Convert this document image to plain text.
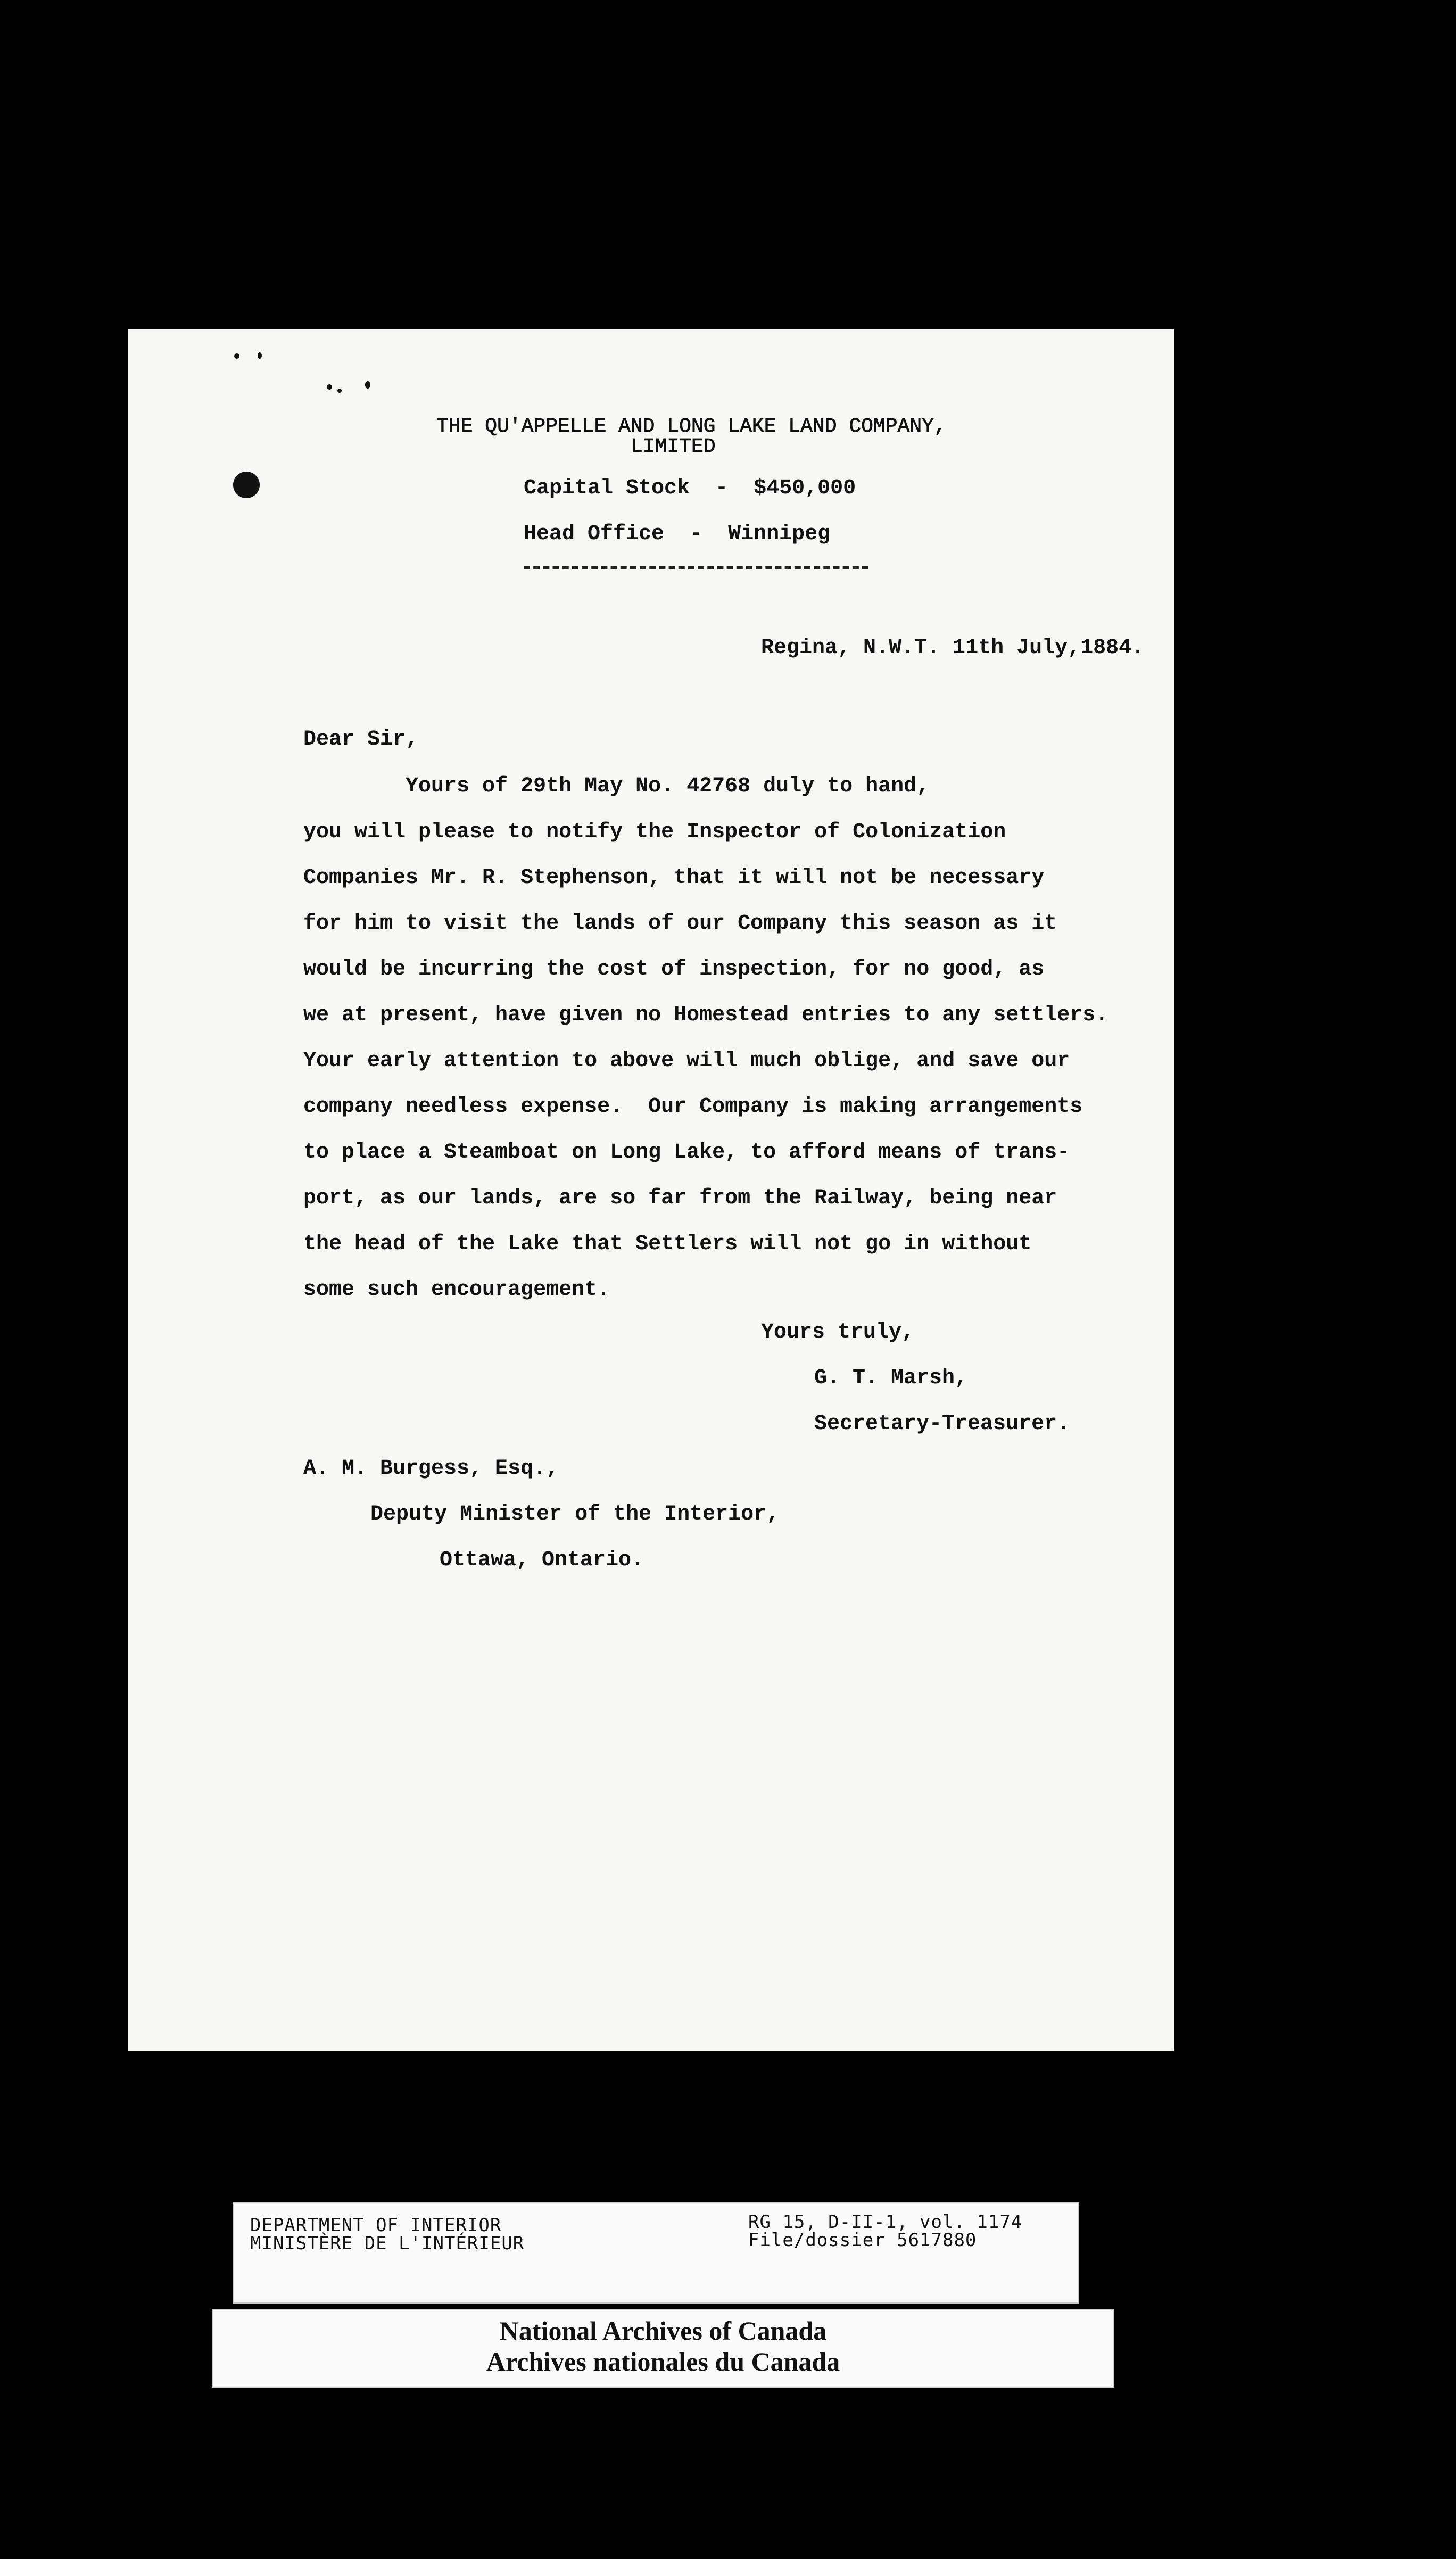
THE QU'APPELLE AND LONG LAKE LAND COMPANY,
LIMITED
Capital Stock  -  $450,000
Head Office  -  Winnipeg
Regina, N.W.T. 11th July,1884.
Dear Sir,
Yours of 29th May No. 42768 duly to hand,
you will please to notify the Inspector of Colonization
Companies Mr. R. Stephenson, that it will not be necessary
for him to visit the lands of our Company this season as it
would be incurring the cost of inspection, for no good, as
we at present, have given no Homestead entries to any settlers.
Your early attention to above will much oblige, and save our
company needless expense.  Our Company is making arrangements
to place a Steamboat on Long Lake, to afford means of trans-
port, as our lands, are so far from the Railway, being near
the head of the Lake that Settlers will not go in without
some such encouragement.
Yours truly,
G. T. Marsh,
Secretary-Treasurer.
A. M. Burgess, Esq.,
Deputy Minister of the Interior,
Ottawa, Ontario.
DEPARTMENT OF INTERIOR
MINISTÈRE DE L'INTÉRIEUR
RG 15, D-II-1, vol. 1174
File/dossier 5617880
National Archives of Canada
Archives nationales du Canada
